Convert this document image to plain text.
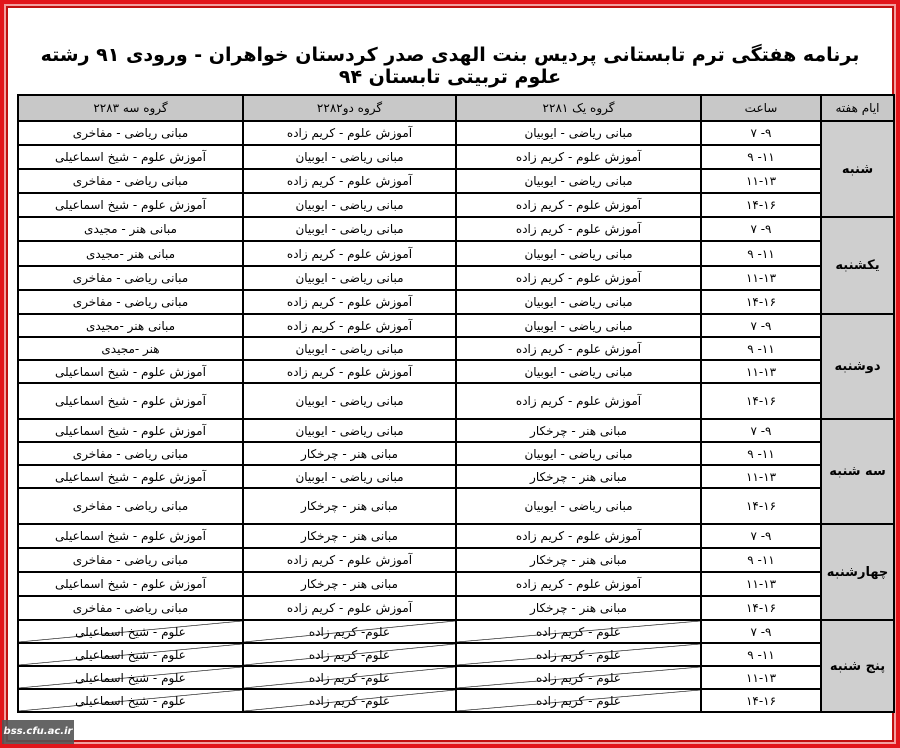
برنامه هفتگی ترم تابستانی پردیس بنت الهدی صدر کردستان خواهران - ورودی ۹۱ رشته علوم تربیتی تابستان ۹۴
ایام هفته	ساعت	گروه یک ۲۲۸۱	گروه دو۲۲۸۲	گروه سه ۲۲۸۳
شنبه	۷ -۹	مبانی ریاضی - ایوبیان	آموزش علوم - کریم زاده	مبانی ریاضی - مفاخری
	۹ -۱۱	آموزش علوم - کریم زاده	مبانی ریاضی - ایوبیان	آموزش علوم - شیخ اسماعیلی
	۱۱-۱۳	مبانی ریاضی - ایوبیان	آموزش علوم - کریم زاده	مبانی ریاضی - مفاخری
	۱۴-۱۶	آموزش علوم - کریم زاده	مبانی ریاضی - ایوبیان	آموزش علوم - شیخ اسماعیلی
یکشنبه	۷ -۹	آموزش علوم - کریم زاده	مبانی ریاضی - ایوبیان	مبانی هنر - مجیدی
	۹ -۱۱	مبانی ریاضی - ایوبیان	آموزش علوم - کریم زاده	مبانی هنر -مجیدی
	۱۱-۱۳	آموزش علوم - کریم زاده	مبانی ریاضی - ایوبیان	مبانی ریاضی - مفاخری
	۱۴-۱۶	مبانی ریاضی - ایوبیان	آموزش علوم - کریم زاده	مبانی ریاضی - مفاخری
دوشنبه	۷ -۹	مبانی ریاضی - ایوبیان	آموزش علوم - کریم زاده	مبانی هنر -مجیدی
	۹ -۱۱	آموزش علوم - کریم زاده	مبانی ریاضی - ایوبیان	هنر -مجیدی
	۱۱-۱۳	مبانی ریاضی - ایوبیان	آموزش علوم - کریم زاده	آموزش علوم - شیخ اسماعیلی
	۱۴-۱۶	آموزش علوم - کریم زاده	مبانی ریاضی - ایوبیان	آموزش علوم - شیخ اسماعیلی
سه شنبه	۷ -۹	مبانی هنر - چرخکار	مبانی ریاضی - ایوبیان	آموزش علوم - شیخ اسماعیلی
	۹ -۱۱	مبانی ریاضی - ایوبیان	مبانی هنر - چرخکار	مبانی ریاضی - مفاخری
	۱۱-۱۳	مبانی هنر - چرخکار	مبانی ریاضی - ایوبیان	آموزش علوم - شیخ اسماعیلی
	۱۴-۱۶	مبانی ریاضی - ایوبیان	مبانی هنر - چرخکار	مبانی ریاضی - مفاخری
چهارشنبه	۷ -۹	آموزش علوم - کریم زاده	مبانی هنر - چرخکار	آموزش علوم - شیخ اسماعیلی
	۹ -۱۱	مبانی هنر - چرخکار	آموزش علوم - کریم زاده	مبانی ریاضی - مفاخری
	۱۱-۱۳	آموزش علوم - کریم زاده	مبانی هنر - چرخکار	آموزش علوم - شیخ اسماعیلی
	۱۴-۱۶	مبانی هنر - چرخکار	آموزش علوم - کریم زاده	مبانی ریاضی - مفاخری
پنج شنبه	۷ -۹	علوم - کریم زاده	علوم- کریم زاده	علوم - شیخ اسماعیلی
	۹ -۱۱	علوم - کریم زاده	علوم- کریم زاده	علوم - شیخ اسماعیلی
	۱۱-۱۳	علوم - کریم زاده	علوم- کریم زاده	علوم - شیخ اسماعیلی
	۱۴-۱۶	علوم - کریم زاده	علوم- کریم زاده	علوم - شیخ اسماعیلی
bss.cfu.ac.ir
